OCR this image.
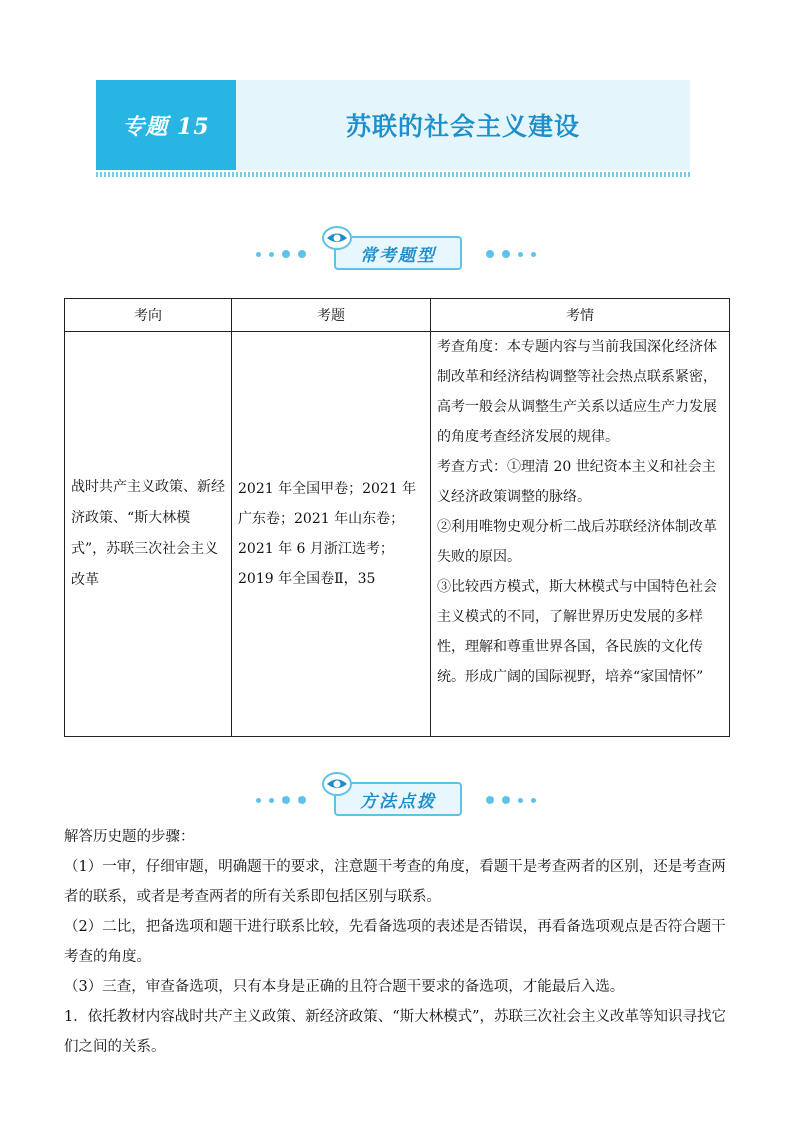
专题 15	苏联的社会主义建设
常考题型
考向	考题	考情
战时共产主义政策、新经济政策、“斯大林模式”，苏联三次社会主义改革	2021 年全国甲卷；2021 年广东卷；2021 年山东卷；2021 年 6 月浙江选考；2019 年全国卷Ⅱ，35	考查角度：本专题内容与当前我国深化经济体制改革和经济结构调整等社会热点联系紧密，高考一般会从调整生产关系以适应生产力发展的角度考查经济发展的规律。
考查方式：①理清 20 世纪资本主义和社会主义经济政策调整的脉络。
②利用唯物史观分析二战后苏联经济体制改革失败的原因。
③比较西方模式，斯大林模式与中国特色社会主义模式的不同，了解世界历史发展的多样性，理解和尊重世界各国，各民族的文化传统。形成广阔的国际视野，培养“家国情怀”
方法点拨

解答历史题的步骤：

（1）一审，仔细审题，明确题干的要求，注意题干考查的角度，看题干是考查两者的区别，还是考查两者的联系，或者是考查两者的所有关系即包括区别与联系。

（2）二比，把备选项和题干进行联系比较，先看备选项的表述是否错误，再看备选项观点是否符合题干考查的角度。

（3）三查，审查备选项，只有本身是正确的且符合题干要求的备选项，才能最后入选。

1．依托教材内容战时共产主义政策、新经济政策、“斯大林模式”，苏联三次社会主义改革等知识寻找它们之间的关系。
